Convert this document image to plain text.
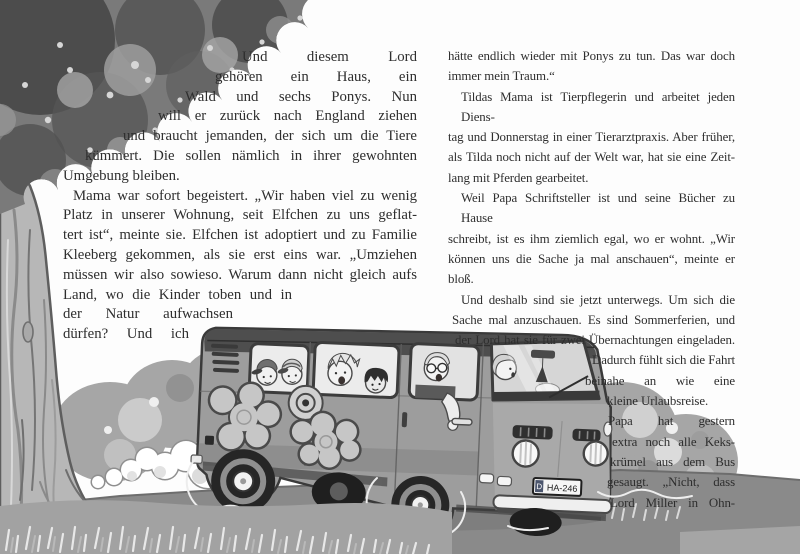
D HA-246
Und diesem Lord
gehören ein Haus, ein
Wald und sechs Ponys. Nun
will er zurück nach England ziehen
und braucht jemanden, der sich um die Tiere
kümmert. Die sollen nämlich in ihrer gewohnten
Umgebung bleiben.
Mama war sofort begeistert. „Wir haben viel zu wenig
Platz in unserer Wohnung, seit Elfchen zu uns geflat-
tert ist“, meinte sie. Elfchen ist adoptiert und zu Familie
Kleeberg gekommen, als sie erst eins war. „Umziehen
müssen wir also sowieso. Warum dann nicht gleich aufs
Land, wo die Kinder toben und in
der Natur aufwachsen
dürfen? Und ich
hätte endlich wieder mit Ponys zu tun. Das war doch
immer mein Traum.“
Tildas Mama ist Tierpflegerin und arbeitet jeden Diens-
tag und Donnerstag in einer Tierarztpraxis. Aber früher,
als Tilda noch nicht auf der Welt war, hat sie eine Zeit-
lang mit Pferden gearbeitet.
Weil Papa Schriftsteller ist und seine Bücher zu Hause
schreibt, ist es ihm ziemlich egal, wo er wohnt. „Wir
können uns die Sache ja mal anschauen“, meinte er bloß.
Und deshalb sind sie jetzt unterwegs. Um sich die
Sache mal anzuschauen. Es sind Sommerferien, und
der Lord hat sie für zwei Übernachtungen eingeladen.
Dadurch fühlt sich die Fahrt
beinahe an wie eine
kleine Urlaubsreise.
Papa hat gestern
extra noch alle Keks-
krümel aus dem Bus
gesaugt. „Nicht, dass
Lord Miller in Ohn-
